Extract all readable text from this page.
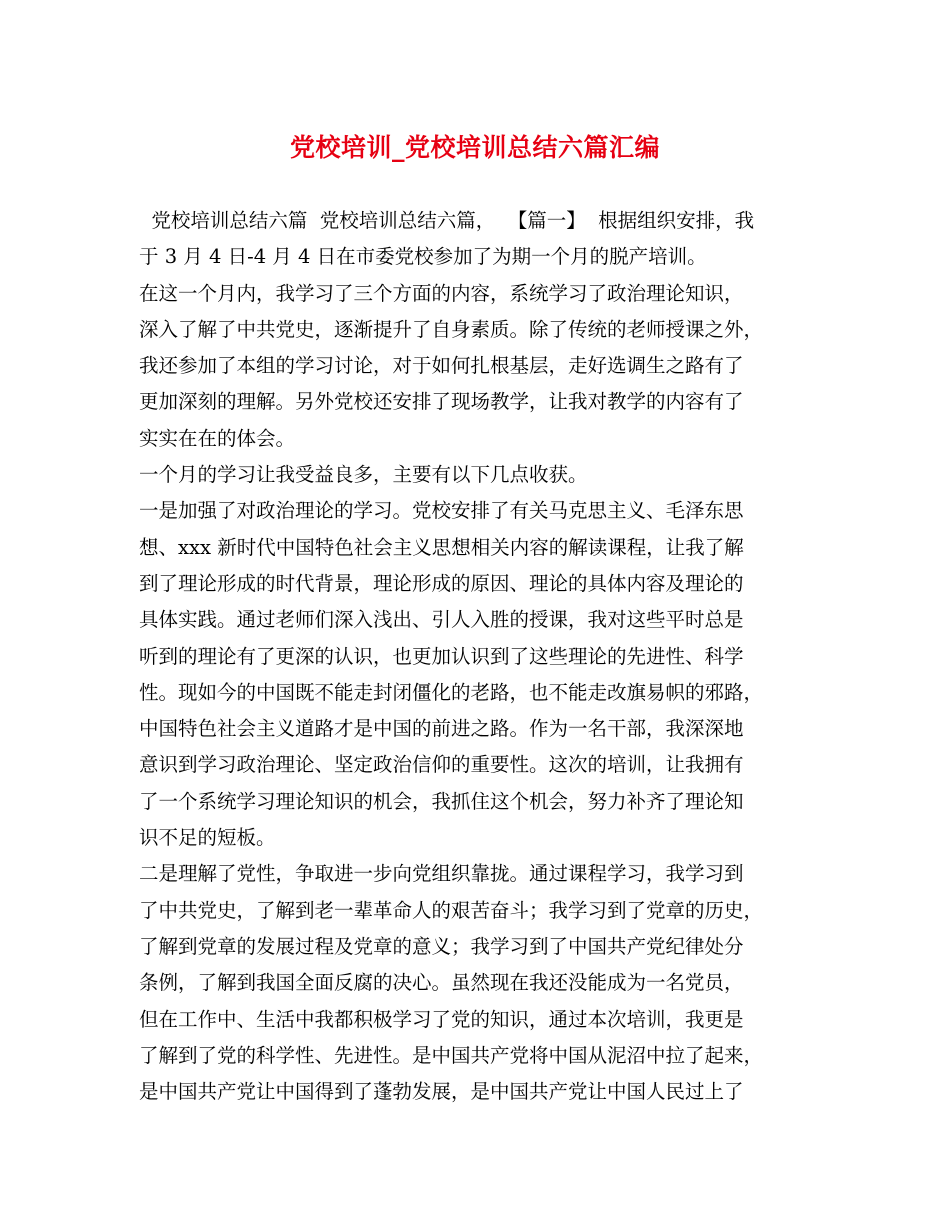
党校培训_党校培训总结六篇汇编
党校培训总结六篇  党校培训总结六篇，  【篇一】  根据组织安排，我
于 3 月 4 日-4 月 4 日在市委党校参加了为期一个月的脱产培训。
在这一个月内，我学习了三个方面的内容，系统学习了政治理论知识，
深入了解了中共党史，逐渐提升了自身素质。除了传统的老师授课之外，
我还参加了本组的学习讨论，对于如何扎根基层，走好选调生之路有了
更加深刻的理解。另外党校还安排了现场教学，让我对教学的内容有了
实实在在的体会。
一个月的学习让我受益良多，主要有以下几点收获。
一是加强了对政治理论的学习。党校安排了有关马克思主义、毛泽东思
想、xxx 新时代中国特色社会主义思想相关内容的解读课程，让我了解
到了理论形成的时代背景，理论形成的原因、理论的具体内容及理论的
具体实践。通过老师们深入浅出、引人入胜的授课，我对这些平时总是
听到的理论有了更深的认识，也更加认识到了这些理论的先进性、科学
性。现如今的中国既不能走封闭僵化的老路，也不能走改旗易帜的邪路，
中国特色社会主义道路才是中国的前进之路。作为一名干部，我深深地
意识到学习政治理论、坚定政治信仰的重要性。这次的培训，让我拥有
了一个系统学习理论知识的机会，我抓住这个机会，努力补齐了理论知
识不足的短板。
二是理解了党性，争取进一步向党组织靠拢。通过课程学习，我学习到
了中共党史，了解到老一辈革命人的艰苦奋斗；我学习到了党章的历史，
了解到党章的发展过程及党章的意义；我学习到了中国共产党纪律处分
条例，了解到我国全面反腐的决心。虽然现在我还没能成为一名党员，
但在工作中、生活中我都积极学习了党的知识，通过本次培训，我更是
了解到了党的科学性、先进性。是中国共产党将中国从泥沼中拉了起来，
是中国共产党让中国得到了蓬勃发展，是中国共产党让中国人民过上了
